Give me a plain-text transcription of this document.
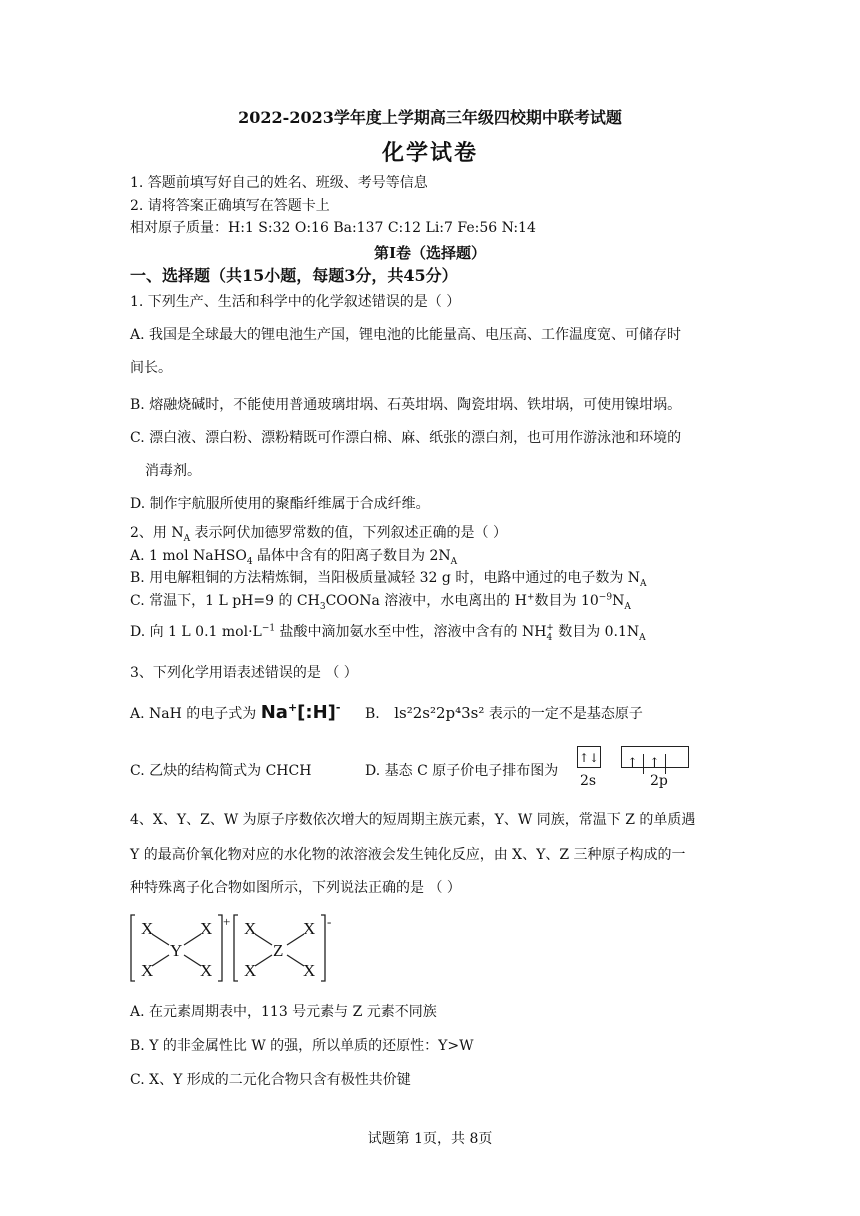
2022-2023学年度上学期高三年级四校期中联考试题
化学试卷
1. 答题前填写好自己的姓名、班级、考号等信息
2. 请将答案正确填写在答题卡上
相对原子质量：H:1 S:32 O:16 Ba:137 C:12 Li:7 Fe:56 N:14
第Ⅰ卷（选择题）
一、选择题（共15小题，每题3分，共45分）
1. 下列生产、生活和科学中的化学叙述错误的是（ ）
A. 我国是全球最大的锂电池生产国，锂电池的比能量高、电压高、工作温度宽、可储存时
间长。
B. 熔融烧碱时，不能使用普通玻璃坩埚、石英坩埚、陶瓷坩埚、铁坩埚，可使用镍坩埚。
C. 漂白液、漂白粉、漂粉精既可作漂白棉、麻、纸张的漂白剂，也可用作游泳池和环境的
消毒剂。
D. 制作宇航服所使用的聚酯纤维属于合成纤维。
2、用 $N_A$ 表示阿伏加德罗常数的值，下列叙述正确的是（ ）
A. 1 mol NaHSO$_4$ 晶体中含有的阳离子数目为 $2N_A$
B. 用电解粗铜的方法精炼铜，当阳极质量减轻 32 g 时，电路中通过的电子数为 $N_A$
C. 常温下，1 L pH=9 的 $CH_3COONa$ 溶液中，水电离出的 H+数目为 $10^{-9}N_A$
D. 向 1 L 0.1 $mol\cdot L^{-1}$ 盐酸中滴加氨水至中性，溶液中含有的 $NH_4^+$ 数目为 $0.1N_A$
3、下列化学用语表述错误的是 （ ）
A. NaH 的电子式为 Na+[:H]- B. ls²2s²2p⁴3s² 表示的一定不是基态原子
C. 乙炔的结构简式为 CHCH	D. 基态 C 原子价电子排布图为
↑↓	↑ ↑
2s	2p
4、X、Y、Z、W 为原子序数依次增大的短周期主族元素，Y、W 同族，常温下 Z 的单质遇
Y 的最高价氧化物对应的水化物的浓溶液会发生钝化反应，由 X、Y、Z 三种原子构成的一
种特殊离子化合物如图所示，下列说法正确的是 （ ）
X	X
X	X
Y
X	X
X	X
Z
+	-
A. 在元素周期表中，113 号元素与 Z 元素不同族
B. Y 的非金属性比 W 的强，所以单质的还原性：Y>W
C. X、Y 形成的二元化合物只含有极性共价键
试题第 1页，共 8页
